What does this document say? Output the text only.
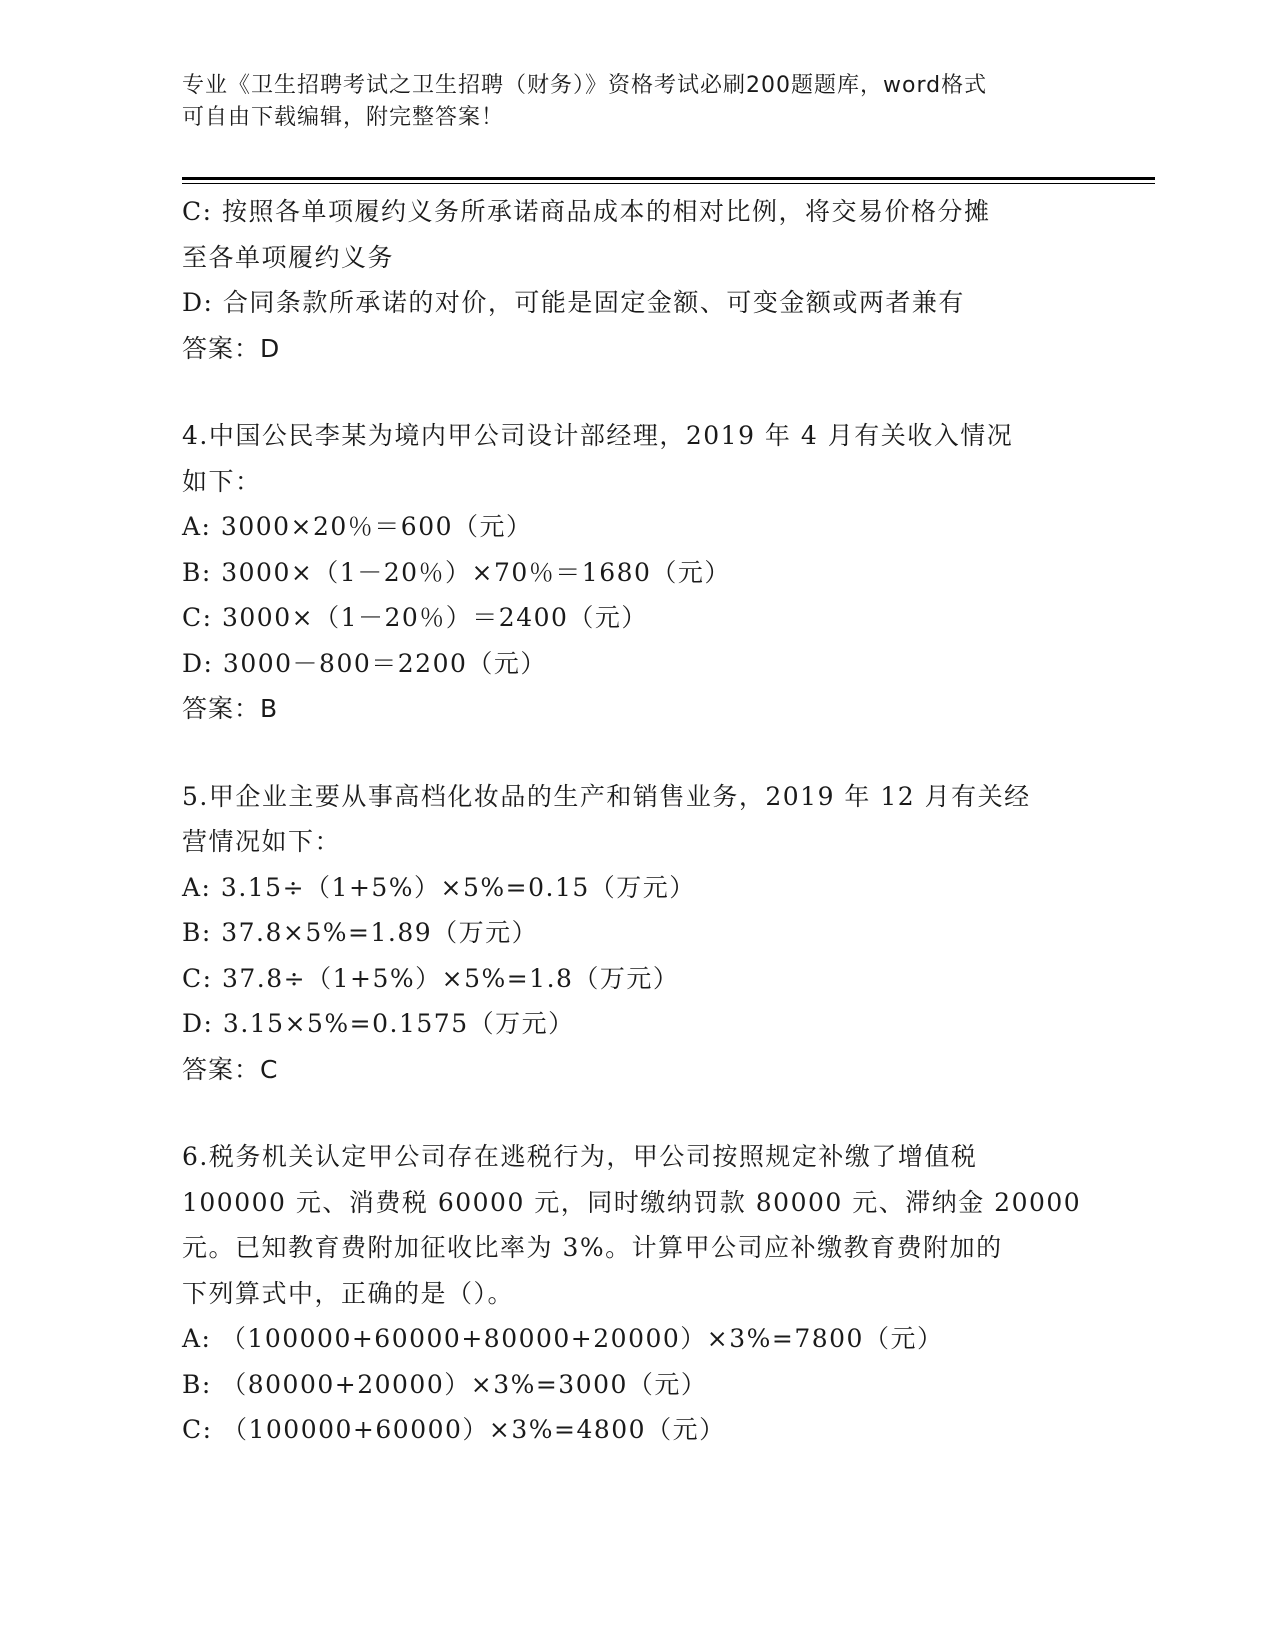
专业《卫生招聘考试之卫生招聘（财务）》资格考试必刷200题题库，word格式
可自由下载编辑，附完整答案！
C: 按照各单项履约义务所承诺商品成本的相对比例，将交易价格分摊
至各单项履约义务
D: 合同条款所承诺的对价，可能是固定金额、可变金额或两者兼有
答案：D
4.中国公民李某为境内甲公司设计部经理，2019 年 4 月有关收入情况
如下：
A: 3000×20％＝600（元）
B: 3000×（1－20％）×70％＝1680（元）
C: 3000×（1－20％）＝2400（元）
D: 3000－800＝2200（元）
答案：B
5.甲企业主要从事高档化妆品的生产和销售业务，2019 年 12 月有关经
营情况如下：
A: 3.15÷（1+5%）×5%=0.15（万元）
B: 37.8×5%=1.89（万元）
C: 37.8÷（1+5%）×5%=1.8（万元）
D: 3.15×5%=0.1575（万元）
答案：C
6.税务机关认定甲公司存在逃税行为，甲公司按照规定补缴了增值税
100000 元、消费税 60000 元，同时缴纳罚款 80000 元、滞纳金 20000
元。已知教育费附加征收比率为 3%。计算甲公司应补缴教育费附加的
下列算式中，正确的是（）。
A: （100000+60000+80000+20000）×3%=7800（元）
B: （80000+20000）×3%=3000（元）
C: （100000+60000）×3%=4800（元）
